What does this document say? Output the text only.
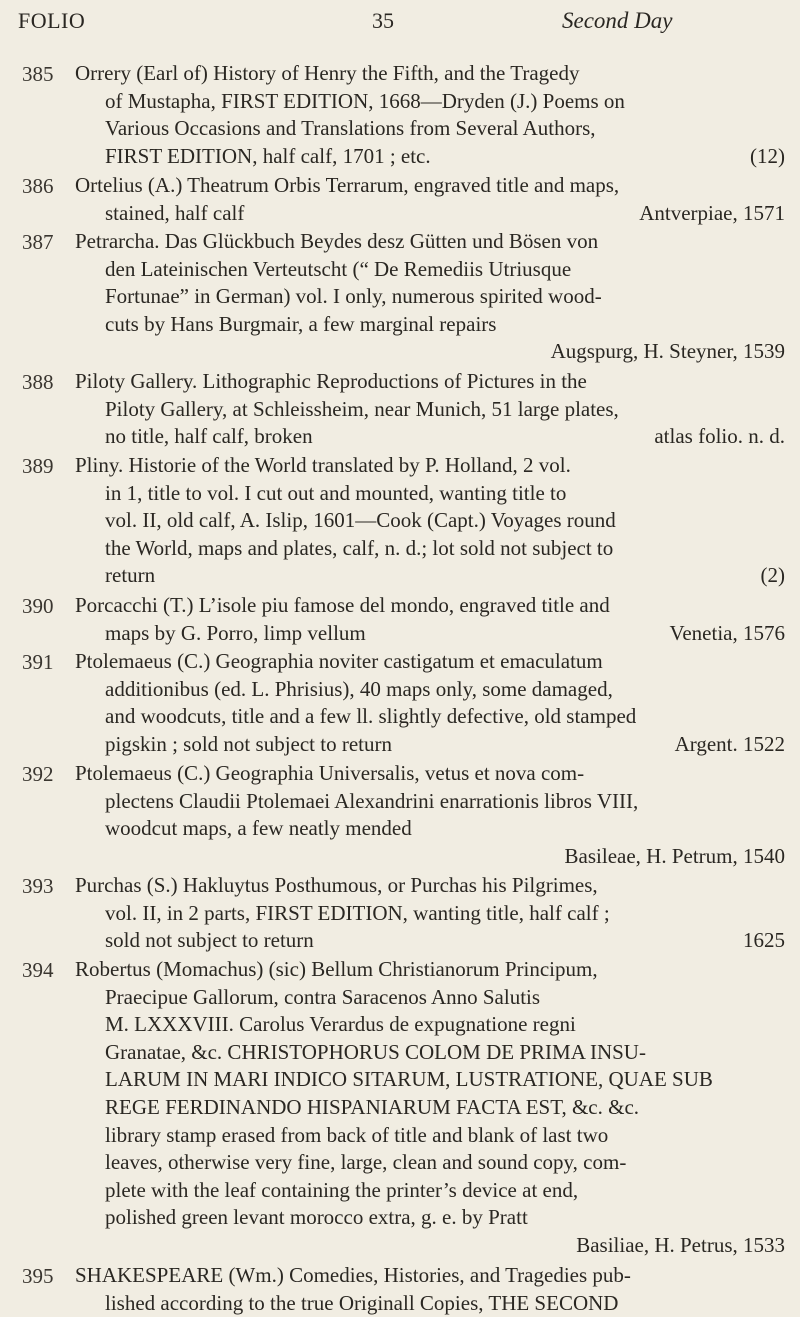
FOLIO	35	Second Day
385 Orrery (Earl of) History of Henry the Fifth, and the Tragedy
of Mustapha, FIRST EDITION, 1668—Dryden (J.) Poems on
Various Occasions and Translations from Several Authors,
FIRST EDITION, half calf, 1701 ; etc.	(12)
386 Ortelius (A.) Theatrum Orbis Terrarum, engraved title and maps,
stained, half calf	Antverpiae, 1571
387 Petrarcha. Das Glückbuch Beydes desz Gütten und Bösen von
den Lateinischen Verteutscht (“ De Remediis Utriusque
Fortunae” in German) vol. I only, numerous spirited wood-
cuts by Hans Burgmair, a few marginal repairs
Augspurg, H. Steyner, 1539
388 Piloty Gallery. Lithographic Reproductions of Pictures in the
Piloty Gallery, at Schleissheim, near Munich, 51 large plates,
no title, half calf, broken	atlas folio. n. d.
389 Pliny. Historie of the World translated by P. Holland, 2 vol.
in 1, title to vol. I cut out and mounted, wanting title to
vol. II, old calf, A. Islip, 1601—Cook (Capt.) Voyages round
the World, maps and plates, calf, n. d.; lot sold not subject to
return	(2)
390 Porcacchi (T.) L’isole piu famose del mondo, engraved title and
maps by G. Porro, limp vellum	Venetia, 1576
391 Ptolemaeus (C.) Geographia noviter castigatum et emaculatum
additionibus (ed. L. Phrisius), 40 maps only, some damaged,
and woodcuts, title and a few ll. slightly defective, old stamped
pigskin ; sold not subject to return	Argent. 1522
392 Ptolemaeus (C.) Geographia Universalis, vetus et nova com-
plectens Claudii Ptolemaei Alexandrini enarrationis libros VIII,
woodcut maps, a few neatly mended
Basileae, H. Petrum, 1540
393 Purchas (S.) Hakluytus Posthumous, or Purchas his Pilgrimes,
vol. II, in 2 parts, FIRST EDITION, wanting title, half calf ;
sold not subject to return	1625
394 Robertus (Momachus) (sic) Bellum Christianorum Principum,
Praecipue Gallorum, contra Saracenos Anno Salutis
M. LXXXVIII. Carolus Verardus de expugnatione regni
Granatae, &c. CHRISTOPHORUS COLOM DE PRIMA INSU-
LARUM IN MARI INDICO SITARUM, LUSTRATIONE, QUAE SUB
REGE FERDINANDO HISPANIARUM FACTA EST, &c. &c.
library stamp erased from back of title and blank of last two
leaves, otherwise very fine, large, clean and sound copy, com-
plete with the leaf containing the printer’s device at end,
polished green levant morocco extra, g. e. by Pratt
Basiliae, H. Petrus, 1533
395 SHAKESPEARE (Wm.) Comedies, Histories, and Tragedies pub-
lished according to the true Originall Copies, THE SECOND
